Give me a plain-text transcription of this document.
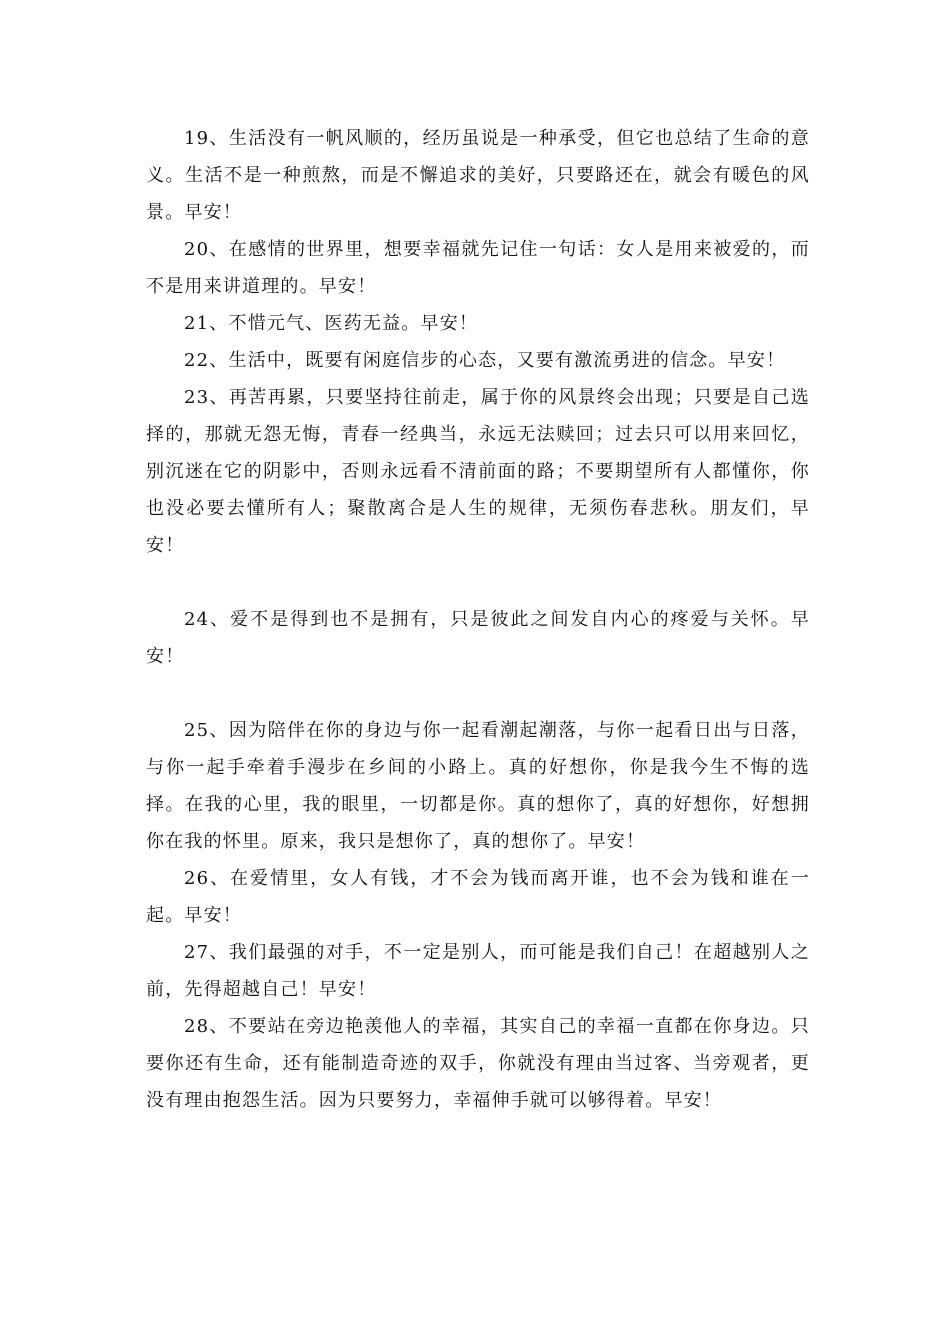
19、生活没有一帆风顺的，经历虽说是一种承受，但它也总结了生命的意义。生活不是一种煎熬，而是不懈追求的美好，只要路还在，就会有暖色的风景。早安！

20、在感情的世界里，想要幸福就先记住一句话：女人是用来被爱的，而不是用来讲道理的。早安！

21、不惜元气、医药无益。早安！

22、生活中，既要有闲庭信步的心态，又要有激流勇进的信念。早安！

23、再苦再累，只要坚持往前走，属于你的风景终会出现；只要是自己选择的，那就无怨无悔，青春一经典当，永远无法赎回；过去只可以用来回忆，别沉迷在它的阴影中，否则永远看不清前面的路；不要期望所有人都懂你，你也没必要去懂所有人；聚散离合是人生的规律，无须伤春悲秋。朋友们，早安！

24、爱不是得到也不是拥有，只是彼此之间发自内心的疼爱与关怀。早安！

25、因为陪伴在你的身边与你一起看潮起潮落，与你一起看日出与日落，与你一起手牵着手漫步在乡间的小路上。真的好想你，你是我今生不悔的选择。在我的心里，我的眼里，一切都是你。真的想你了，真的好想你，好想拥你在我的怀里。原来，我只是想你了，真的想你了。早安！

26、在爱情里，女人有钱，才不会为钱而离开谁，也不会为钱和谁在一起。早安！

27、我们最强的对手，不一定是别人，而可能是我们自己！在超越别人之前，先得超越自己！早安！

28、不要站在旁边艳羡他人的幸福，其实自己的幸福一直都在你身边。只要你还有生命，还有能制造奇迹的双手，你就没有理由当过客、当旁观者，更没有理由抱怨生活。因为只要努力，幸福伸手就可以够得着。早安！
